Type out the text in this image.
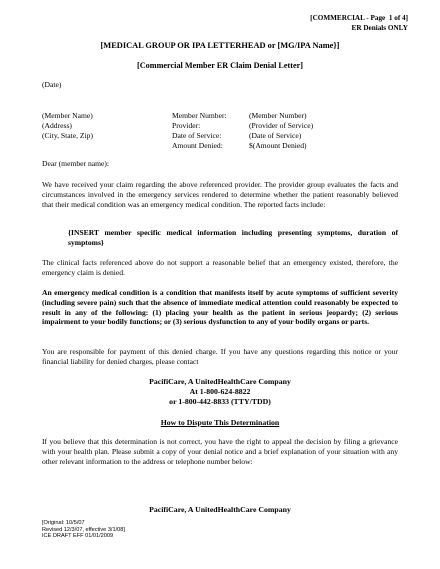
[COMMERCIAL - Page 1 of 4]
ER Denials ONLY
[MEDICAL GROUP OR IPA LETTERHEAD or [MG/IPA Name}]
[Commercial Member ER Claim Denial Letter]
(Date)
(Member Name)
(Address)
(City, State, Zip)
Member Number:
Provider:
Date of Service:
Amount Denied:
(Member Number)
(Provider of Service)
(Date of Service)
$(Amount Denied)
Dear (member name):
We have received your claim regarding the above referenced provider. The provider group evaluates the facts and circumstances involved in the emergency services rendered to determine whether the patient reasonably believed that their medical condition was an emergency medical condition. The reported facts include:
{INSERT member specific medical information including presenting symptoms, duration of symptoms}
The clinical facts referenced above do not support a reasonable belief that an emergency existed, therefore, the emergency claim is denied.
An emergency medical condition is a condition that manifests itself by acute symptoms of sufficient severity (including severe pain) such that the absence of immediate medical attention could reasonably be expected to result in any of the following: (1) placing your health as the patient in serious jeopardy; (2) serious impairment to your bodily functions; or (3) serious dysfunction to any of your bodily organs or parts.
You are responsible for payment of this denied charge. If you have any questions regarding this notice or your financial liability for denied charges, please contact
PacifiCare, A UnitedHealthCare Company
At 1-800-624-8822
or 1-800-442-8833 (TTY/TDD)
How to Dispute This Determination
If you believe that this determination is not correct, you have the right to appeal the decision by filing a grievance with your health plan. Please submit a copy of your denial notice and a brief explanation of your situation with any other relevant information to the address or telephone number below:
PacifiCare, A UnitedHealthCare Company
[Original: 10/5/07
Revised 12/3/07, effective 3/1/08]
ICE DRAFT EFF 01/01/2009
